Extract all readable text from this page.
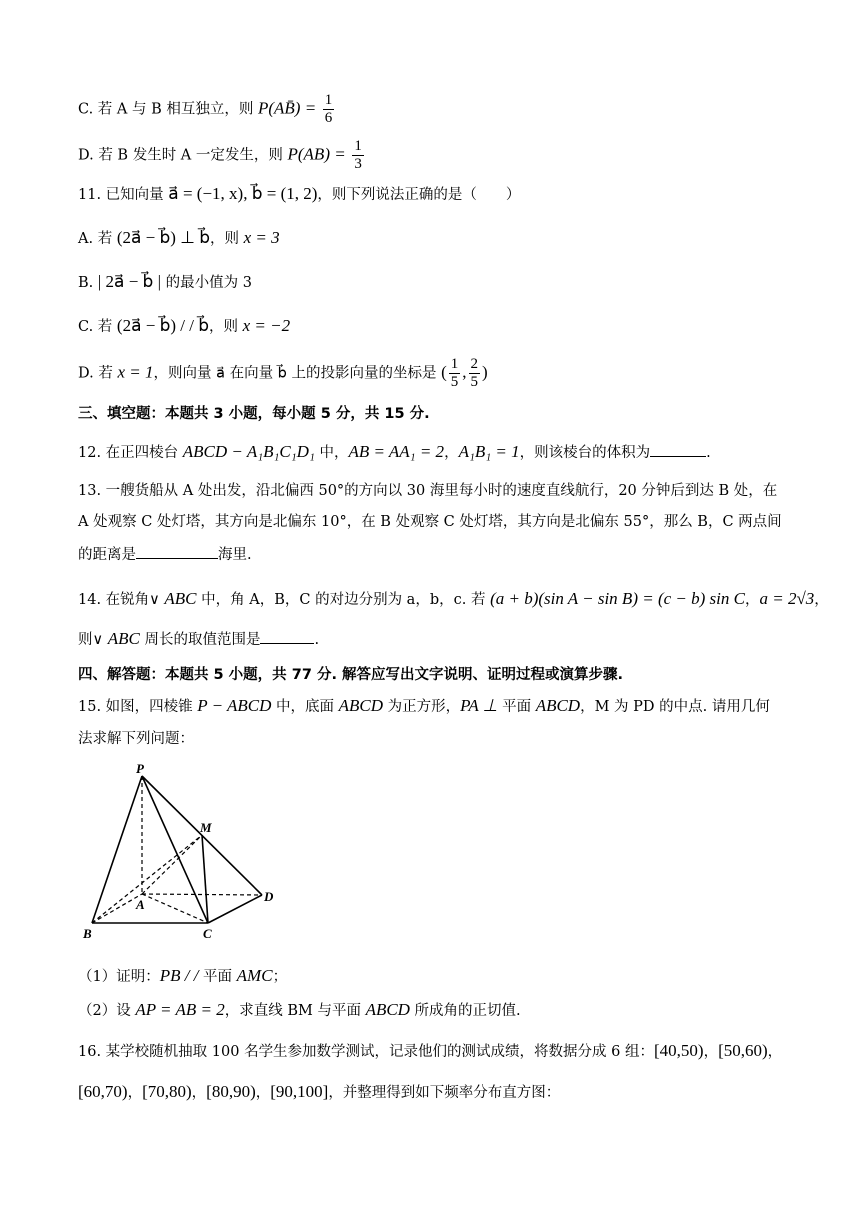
C. 若 A 与 B 相互独立，则 P(AB̄) = $\frac{1}{6}$
D. 若 B 发生时 A 一定发生，则 $P(AB) = \frac{1}{3}$
11. 已知向量 a⃗ = (−1, x), b⃗ = (1, 2)，则下列说法正确的是（　　）
A. 若 (2a⃗ − b⃗) ⊥ b⃗，则 x = 3
B. | 2a⃗ − b⃗ | 的最小值为 3
C. 若 (2a⃗ − b⃗) / / b⃗，则 x = −2
D. 若 x = 1，则向量 a⃗ 在向量 b⃗ 上的投影向量的坐标是 ( $\frac{1}{5}$ , $\frac{2}{5}$ )
三、填空题：本题共 3 小题，每小题 5 分，共 15 分.
12. 在正四棱台 ABCD − A₁B₁C₁D₁ 中，AB = AA₁ = 2，A₁B₁ = 1，则该棱台的体积为	.
13. 一艘货船从 A 处出发，沿北偏西 50°的方向以 30 海里每小时的速度直线航行，20 分钟后到达 B 处，在
A 处观察 C 处灯塔，其方向是北偏东 10°，在 B 处观察 C 处灯塔，其方向是北偏东 55°，那么 B，C 两点间
的距离是	海里.
14. 在锐角∨ ABC 中，角 A，B，C 的对边分别为 a，b，c. 若 (a + b)(sin A − sin B) = (c − b) sin C，a = 2√3，
则∨ ABC 周长的取值范围是	.
四、解答题：本题共 5 小题，共 77 分. 解答应写出文字说明、证明过程或演算步骤.
15. 如图，四棱锥 P − ABCD 中，底面 ABCD 为正方形，PA ⊥ 平面 ABCD，M 为 PD 的中点. 请用几何
法求解下列问题：
P
M
A
B	C
D
（1）证明：PB / / 平面 AMC；
（2）设 AP = AB = 2，求直线 BM 与平面 ABCD 所成角的正切值.
16. 某学校随机抽取 100 名学生参加数学测试，记录他们的测试成绩，将数据分成 6 组：[40,50)，[50,60)，
[60,70)，[70,80)，[80,90)，[90,100]，并整理得到如下频率分布直方图：
